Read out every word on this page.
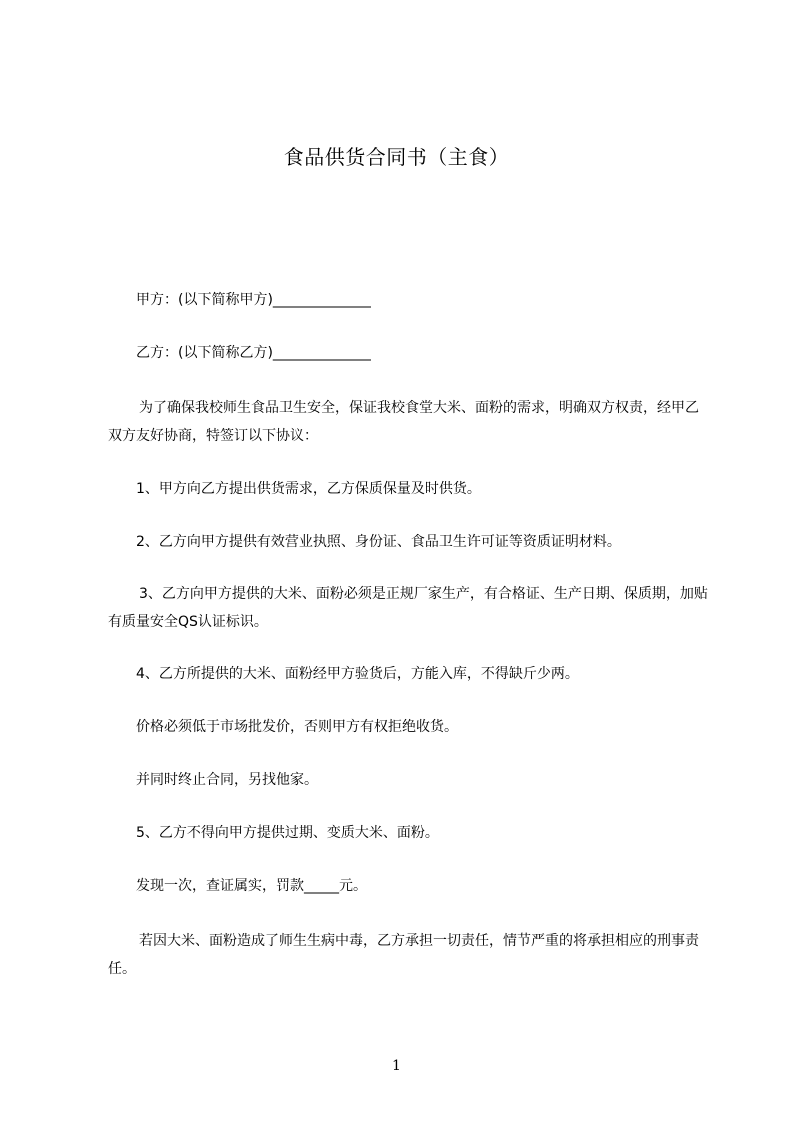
食品供货合同书（主食）

甲方：(以下简称甲方)______________

乙方：(以下简称乙方)______________

为了确保我校师生食品卫生安全，保证我校食堂大米、面粉的需求，明确双方权责，经甲乙双方友好协商，特签订以下协议：

1、甲方向乙方提出供货需求，乙方保质保量及时供货。

2、乙方向甲方提供有效营业执照、身份证、食品卫生许可证等资质证明材料。

3、乙方向甲方提供的大米、面粉必须是正规厂家生产，有合格证、生产日期、保质期，加贴有质量安全QS认证标识。

4、乙方所提供的大米、面粉经甲方验货后，方能入库，不得缺斤少两。

价格必须低于市场批发价，否则甲方有权拒绝收货。

并同时终止合同，另找他家。

5、乙方不得向甲方提供过期、变质大米、面粉。

发现一次，查证属实，罚款_____元。

若因大米、面粉造成了师生生病中毒，乙方承担一切责任，情节严重的将承担相应的刑事责任。

1
